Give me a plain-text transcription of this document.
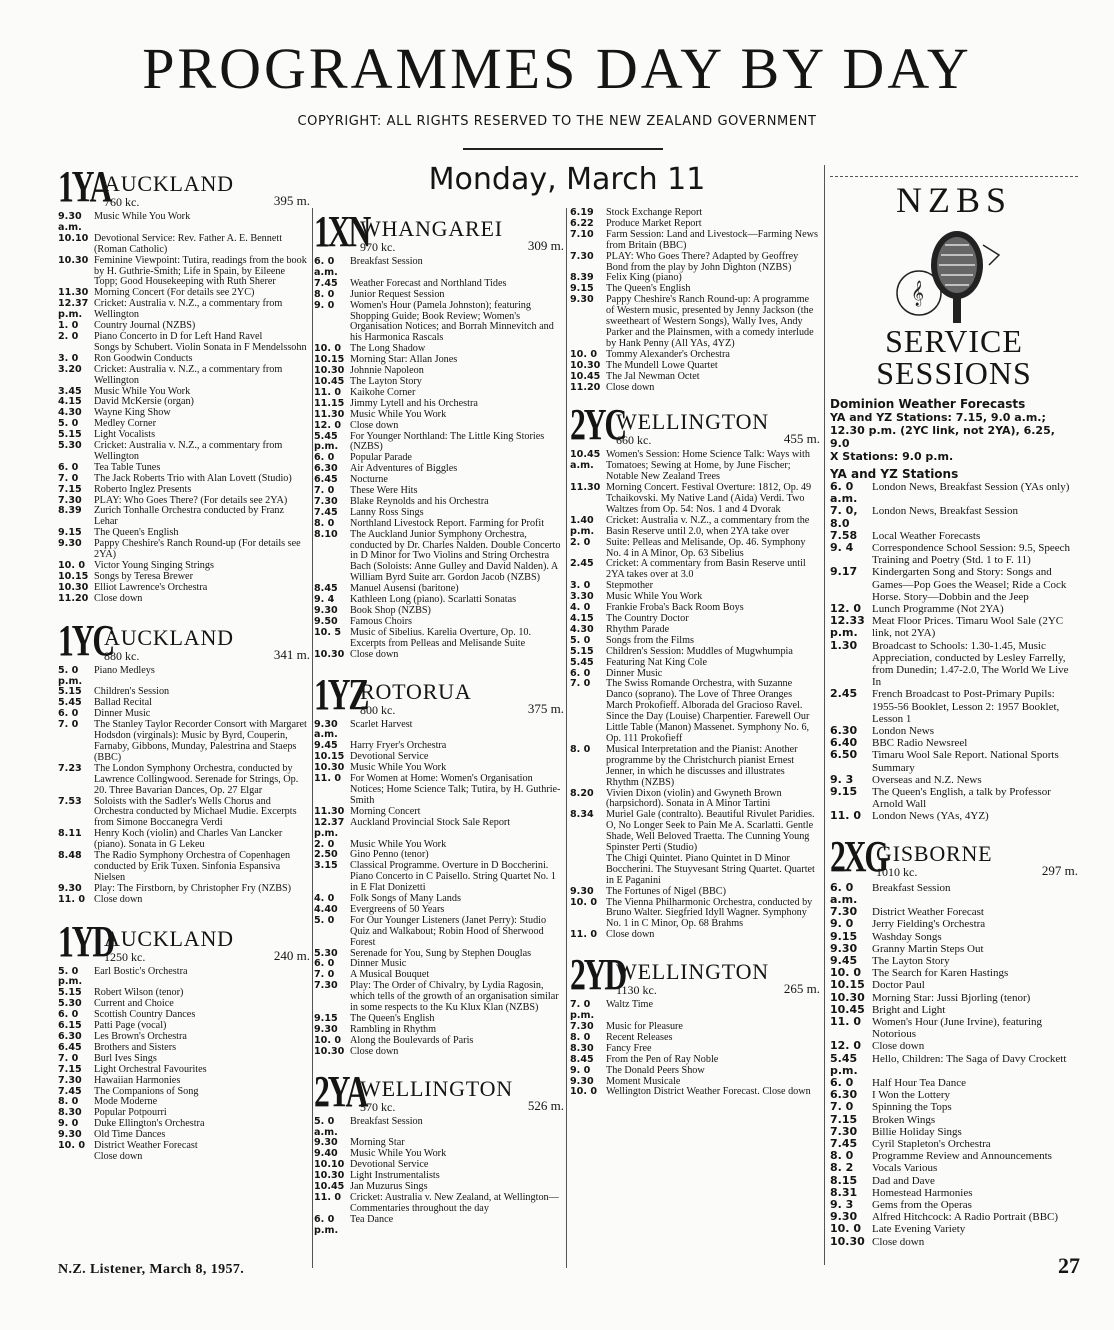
PROGRAMMES DAY BY DAY
COPYRIGHT: ALL RIGHTS RESERVED TO THE NEW ZEALAND GOVERNMENT
Monday, March 11
1YA
AUCKLAND
760 kc.	395 m.
9.30 a.m.
Music While You Work
10.10 Devotional Service: Rev. Father A. E. Bennett (Roman Catholic)
10.30 Feminine Viewpoint: Tutira, readings from the book by H. Guthrie-Smith; Life in Spain, by Eileene Topp; Good Housekeeping with Ruth Sherer
11.30 Morning Concert (For details see 2YC)
12.37 p.m.
Cricket: Australia v. N.Z., a commentary from Wellington
1. 0	Country Journal (NZBS)
2. 0	Piano Concerto in D for Left Hand Ravel
Songs by Schubert. Violin Sonata in F Mendelssohn
3. 0	Ron Goodwin Conducts
3.20	Cricket: Australia v. N.Z., a commentary from Wellington
3.45	Music While You Work
4.15	David McKersie (organ)
4.30	Wayne King Show
5. 0	Medley Corner
5.15	Light Vocalists
5.30	Cricket: Australia v. N.Z., a commentary from Wellington
6. 0	Tea Table Tunes
7. 0	The Jack Roberts Trio with Alan Lovett (Studio)
7.15	Roberto Inglez Presents
7.30	PLAY: Who Goes There? (For details see 2YA)
8.39	Zurich Tonhalle Orchestra conducted by Franz Lehar
9.15	The Queen's English
9.30	Pappy Cheshire's Ranch Round-up (For details see 2YA)
10. 0 Victor Young Singing Strings
10.15 Songs by Teresa Brewer
10.30 Elliot Lawrence's Orchestra
11.20 Close down
1YC
AUCKLAND
880 kc.	341 m.
5. 0 p.m.
Piano Medleys
5.15	Children's Session
5.45	Ballad Recital
6. 0	Dinner Music
7. 0	The Stanley Taylor Recorder Consort with Margaret Hodsdon (virginals): Music by Byrd, Couperin, Farnaby, Gibbons, Munday, Palestrina and Staeps (BBC)
7.23	The London Symphony Orchestra, conducted by Lawrence Collingwood. Serenade for Strings, Op. 20. Three Bavarian Dances, Op. 27 Elgar
7.53	Soloists with the Sadler's Wells Chorus and Orchestra conducted by Michael Mudie. Excerpts from Simone Boccanegra Verdi
8.11	Henry Koch (violin) and Charles Van Lancker (piano). Sonata in G Lekeu
8.48	The Radio Symphony Orchestra of Copenhagen conducted by Erik Tuxen. Sinfonia Espansiva Nielsen
9.30	Play: The Firstborn, by Christopher Fry (NZBS)
11. 0 Close down
1YD
AUCKLAND
1250 kc.	240 m.
5. 0 p.m.
Earl Bostic's Orchestra
5.15	Robert Wilson (tenor)
5.30	Current and Choice
6. 0	Scottish Country Dances
6.15	Patti Page (vocal)
6.30	Les Brown's Orchestra
6.45	Brothers and Sisters
7. 0	Burl Ives Sings
7.15	Light Orchestral Favourites
7.30	Hawaiian Harmonies
7.45	The Companions of Song
8. 0	Mode Moderne
8.30	Popular Potpourri
9. 0	Duke Ellington's Orchestra
9.30	Old Time Dances
10. 0 District Weather Forecast
Close down
1XN
WHANGAREI
970 kc.	309 m.
6. 0 a.m.
Breakfast Session
7.45	Weather Forecast and Northland Tides
8. 0	Junior Request Session
9. 0	Women's Hour (Pamela Johnston); featuring Shopping Guide; Book Review; Women's Organisation Notices; and Borrah Minnevitch and his Harmonica Rascals
10. 0 The Long Shadow
10.15 Morning Star: Allan Jones
10.30 Johnnie Napoleon
10.45 The Layton Story
11. 0 Kaikohe Corner
11.15 Jimmy Lytell and his Orchestra
11.30 Music While You Work
12. 0 Close down
5.45 p.m.
For Younger Northland: The Little King Stories (NZBS)
6. 0	Popular Parade
6.30	Air Adventures of Biggles
6.45	Nocturne
7. 0	These Were Hits
7.30	Blake Reynolds and his Orchestra
7.45	Lanny Ross Sings
8. 0	Northland Livestock Report. Farming for Profit
8.10	The Auckland Junior Symphony Orchestra, conducted by Dr. Charles Nalden. Double Concerto in D Minor for Two Violins and String Orchestra Bach (Soloists: Anne Gulley and David Nalden). A William Byrd Suite arr. Gordon Jacob (NZBS)
8.45	Manuel Ausensi (baritone)
9. 4	Kathleen Long (piano). Scarlatti Sonatas
9.30	Book Shop (NZBS)
9.50	Famous Choirs
10. 5 Music of Sibelius. Karelia Overture, Op. 10. Excerpts from Pelleas and Melisande Suite
10.30 Close down
1YZ
ROTORUA
800 kc.	375 m.
9.30 a.m.
Scarlet Harvest
9.45	Harry Fryer's Orchestra
10.15 Devotional Service
10.30 Music While You Work
11. 0 For Women at Home: Women's Organisation Notices; Home Science Talk; Tutira, by H. Guthrie-Smith
11.30 Morning Concert
12.37 p.m.
Auckland Provincial Stock Sale Report
2. 0	Music While You Work
2.50	Gino Penno (tenor)
3.15	Classical Programme. Overture in D Boccherini. Piano Concerto in C Paisello. String Quartet No. 1 in E Flat Donizetti
4. 0	Folk Songs of Many Lands
4.40	Evergreens of 50 Years
5. 0	For Our Younger Listeners (Janet Perry): Studio Quiz and Walkabout; Robin Hood of Sherwood Forest
5.30	Serenade for You, Sung by Stephen Douglas
6. 0	Dinner Music
7. 0	A Musical Bouquet
7.30	Play: The Order of Chivalry, by Lydia Ragosin, which tells of the growth of an organisation similar in some respects to the Ku Klux Klan (NZBS)
9.15	The Queen's English
9.30	Rambling in Rhythm
10. 0 Along the Boulevards of Paris
10.30 Close down
2YA
WELLINGTON
570 kc.	526 m.
5. 0 a.m.
Breakfast Session
9.30	Morning Star
9.40	Music While You Work
10.10 Devotional Service
10.30 Light Instrumentalists
10.45 Jan Muzurus Sings
11. 0 Cricket: Australia v. New Zealand, at Wellington—Commentaries throughout the day
6. 0 p.m.
Tea Dance
6.19	Stock Exchange Report
6.22	Produce Market Report
7.10	Farm Session: Land and Livestock—Farming News from Britain (BBC)
7.30	PLAY: Who Goes There? Adapted by Geoffrey Bond from the play by John Dighton (NZBS)
8.39	Felix King (piano)
9.15	The Queen's English
9.30	Pappy Cheshire's Ranch Round-up: A programme of Western music, presented by Jenny Jackson (the sweetheart of Western Songs), Wally Ives, Andy Parker and the Plainsmen, with a comedy interlude by Hank Penny (All YAs, 4YZ)
10. 0 Tommy Alexander's Orchestra
10.30 The Mundell Lowe Quartet
10.45 The Jal Newman Octet
11.20 Close down
2YC
WELLINGTON
660 kc.	455 m.
10.45 a.m.
Women's Session: Home Science Talk: Ways with Tomatoes; Sewing at Home, by June Fischer; Notable New Zealand Trees
11.30 Morning Concert. Festival Overture: 1812, Op. 49 Tchaikovski. My Native Land (Aida) Verdi. Two Waltzes from Op. 54: Nos. 1 and 4 Dvorak
1.40 p.m.
Cricket: Australia v. N.Z., a commentary from the Basin Reserve until 2.0, when 2YA take over
2. 0	Suite: Pelleas and Melisande, Op. 46. Symphony No. 4 in A Minor, Op. 63 Sibelius
2.45	Cricket: A commentary from Basin Reserve until 2YA takes over at 3.0
3. 0	Stepmother
3.30	Music While You Work
4. 0	Frankie Froba's Back Room Boys
4.15	The Country Doctor
4.30	Rhythm Parade
5. 0	Songs from the Films
5.15	Children's Session: Muddles of Mugwhumpia
5.45	Featuring Nat King Cole
6. 0	Dinner Music
7. 0	The Swiss Romande Orchestra, with Suzanne Danco (soprano). The Love of Three Oranges March Prokofieff. Alborada del Gracioso Ravel. Since the Day (Louise) Charpentier. Farewell Our Little Table (Manon) Massenet. Symphony No. 6, Op. 111 Prokofieff
8. 0	Musical Interpretation and the Pianist: Another programme by the Christchurch pianist Ernest Jenner, in which he discusses and illustrates Rhythm (NZBS)
8.20	Vivien Dixon (violin) and Gwyneth Brown (harpsichord). Sonata in A Minor Tartini
8.34	Muriel Gale (contralto). Beautiful Rivulet Paridies. O, No Longer Seek to Pain Me A. Scarlatti. Gentle Shade, Well Beloved Traetta. The Cunning Young Spinster Perti (Studio)
The Chigi Quintet. Piano Quintet in D Minor Boccherini. The Stuyvesant String Quartet. Quartet in E Paganini
9.30	The Fortunes of Nigel (BBC)
10. 0 The Vienna Philharmonic Orchestra, conducted by Bruno Walter. Siegfried Idyll Wagner. Symphony No. 1 in C Minor, Op. 68 Brahms
11. 0 Close down
2YD
WELLINGTON
1130 kc.	265 m.
7. 0 p.m.
Waltz Time
7.30	Music for Pleasure
8. 0	Recent Releases
8.30	Fancy Free
8.45	From the Pen of Ray Noble
9. 0	The Donald Peers Show
9.30	Moment Musicale
10. 0 Wellington District Weather Forecast. Close down
NZBS
𝄞
SERVICE
SESSIONS
Dominion Weather Forecasts
YA and YZ Stations: 7.15, 9.0 a.m.; 12.30 p.m. (2YC link, not 2YA), 6.25, 9.0
X Stations: 9.0 p.m.
YA and YZ Stations
6. 0 a.m.
London News, Breakfast Session (YAs only)
7. 0, 8.0
London News, Breakfast Session
7.58	Local Weather Forecasts
9. 4	Correspondence School Session: 9.5, Speech Training and Poetry (Std. 1 to F. 11)
9.17	Kindergarten Song and Story: Songs and Games—Pop Goes the Weasel; Ride a Cock Horse. Story—Dobbin and the Jeep
12. 0	Lunch Programme (Not 2YA)
12.33 p.m.
Meat Floor Prices. Timaru Wool Sale (2YC link, not 2YA)
1.30	Broadcast to Schools: 1.30-1.45, Music Appreciation, conducted by Lesley Farrelly, from Dunedin; 1.47-2.0, The World We Live In
2.45	French Broadcast to Post-Primary Pupils: 1955-56 Booklet, Lesson 2: 1957 Booklet, Lesson 1
6.30	London News
6.40	BBC Radio Newsreel
6.50	Timaru Wool Sale Report. National Sports Summary
9. 3	Overseas and N.Z. News
9.15	The Queen's English, a talk by Professor Arnold Wall
11. 0	London News (YAs, 4YZ)
2XG
GISBORNE
1010 kc.	297 m.
6. 0 a.m.
Breakfast Session
7.30	District Weather Forecast
9. 0	Jerry Fielding's Orchestra
9.15	Washday Songs
9.30	Granny Martin Steps Out
9.45	The Layton Story
10. 0	The Search for Karen Hastings
10.15 Doctor Paul
10.30 Morning Star: Jussi Bjorling (tenor)
10.45 Bright and Light
11. 0	Women's Hour (June Irvine), featuring Notorious
12. 0	Close down
5.45 p.m.
Hello, Children: The Saga of Davy Crockett
6. 0	Half Hour Tea Dance
6.30	I Won the Lottery
7. 0	Spinning the Tops
7.15	Broken Wings
7.30	Billie Holiday Sings
7.45	Cyril Stapleton's Orchestra
8. 0	Programme Review and Announcements
8. 2	Vocals Various
8.15	Dad and Dave
8.31	Homestead Harmonies
9. 3	Gems from the Operas
9.30	Alfred Hitchcock: A Radio Portrait (BBC)
10. 0	Late Evening Variety
10.30 Close down
N.Z. Listener, March 8, 1957.	27
